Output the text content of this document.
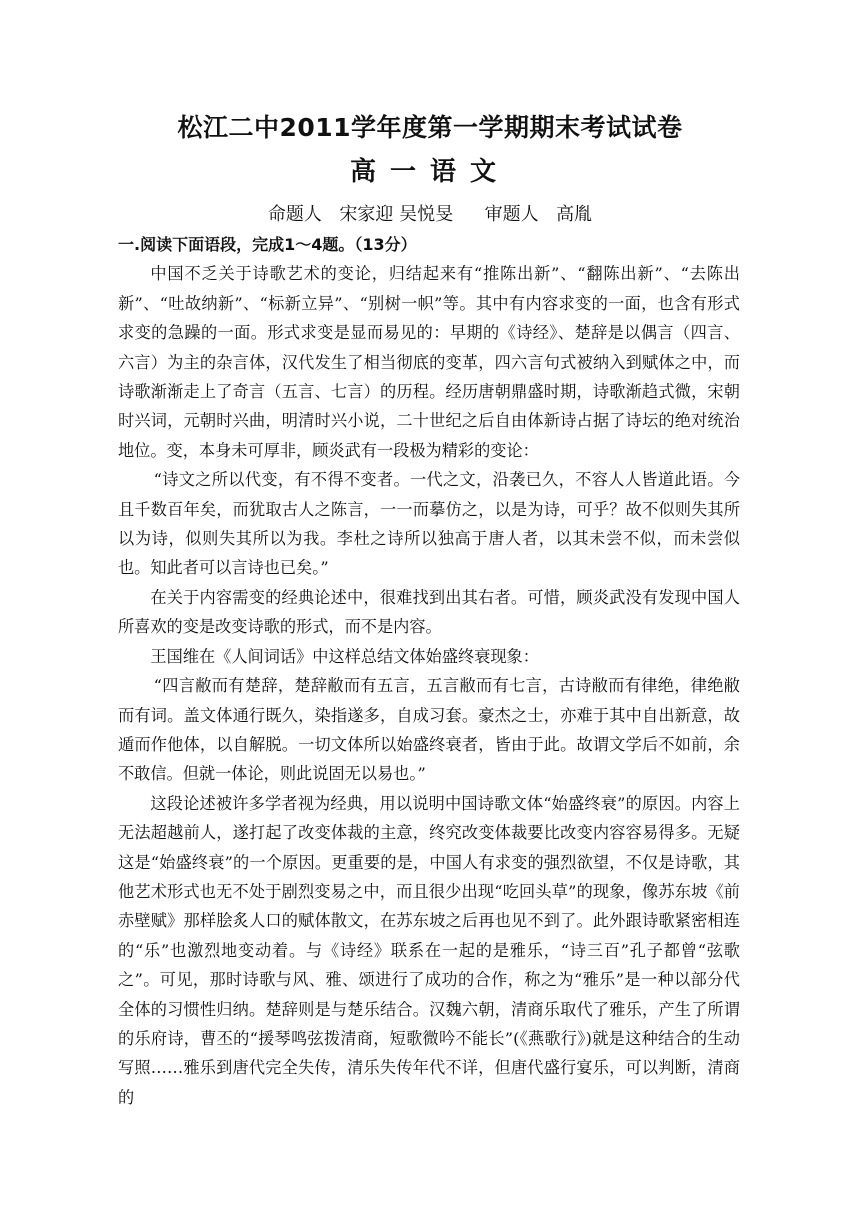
松江二中2011学年度第一学期期末考试试卷
高一语文
命题人 宋家迎 吴悦旻 审题人 高胤

一.阅读下面语段，完成1～4题。（13分）

中国不乏关于诗歌艺术的变论，归结起来有“推陈出新”、“翻陈出新”、“去陈出新”、“吐故纳新”、“标新立异”、“别树一帜”等。其中有内容求变的一面，也含有形式求变的急躁的一面。形式求变是显而易见的：早期的《诗经》、楚辞是以偶言（四言、六言）为主的杂言体，汉代发生了相当彻底的变革，四六言句式被纳入到赋体之中，而诗歌渐渐走上了奇言（五言、七言）的历程。经历唐朝鼎盛时期，诗歌渐趋式微，宋朝时兴词，元朝时兴曲，明清时兴小说，二十世纪之后自由体新诗占据了诗坛的绝对统治地位。变，本身未可厚非，顾炎武有一段极为精彩的变论：

“诗文之所以代变，有不得不变者。一代之文，沿袭已久，不容人人皆道此语。今且千数百年矣，而犹取古人之陈言，一一而摹仿之，以是为诗，可乎？故不似则失其所以为诗，似则失其所以为我。李杜之诗所以独高于唐人者，以其未尝不似，而未尝似也。知此者可以言诗也已矣。”

在关于内容需变的经典论述中，很难找到出其右者。可惜，顾炎武没有发现中国人所喜欢的变是改变诗歌的形式，而不是内容。

王国维在《人间词话》中这样总结文体始盛终衰现象：

“四言敝而有楚辞，楚辞敝而有五言，五言敝而有七言，古诗敝而有律绝，律绝敝而有词。盖文体通行既久，染指遂多，自成习套。豪杰之士，亦难于其中自出新意，故遁而作他体，以自解脱。一切文体所以始盛终衰者，皆由于此。故谓文学后不如前，余不敢信。但就一体论，则此说固无以易也。”

这段论述被许多学者视为经典，用以说明中国诗歌文体“始盛终衰”的原因。内容上无法超越前人，遂打起了改变体裁的主意，终究改变体裁要比改变内容容易得多。无疑这是“始盛终衰”的一个原因。更重要的是，中国人有求变的强烈欲望，不仅是诗歌，其他艺术形式也无不处于剧烈变易之中，而且很少出现“吃回头草”的现象，像苏东坡《前赤壁赋》那样脍炙人口的赋体散文，在苏东坡之后再也见不到了。此外跟诗歌紧密相连的“乐”也激烈地变动着。与《诗经》联系在一起的是雅乐，“诗三百”孔子都曾“弦歌之”。可见，那时诗歌与风、雅、颂进行了成功的合作，称之为“雅乐”是一种以部分代全体的习惯性归纳。楚辞则是与楚乐结合。汉魏六朝，清商乐取代了雅乐，产生了所谓的乐府诗，曹丕的“援琴鸣弦拨清商，短歌微吟不能长”(《燕歌行》)就是这种结合的生动写照……雅乐到唐代完全失传，清乐失传年代不详，但唐代盛行宴乐，可以判断，清商的
